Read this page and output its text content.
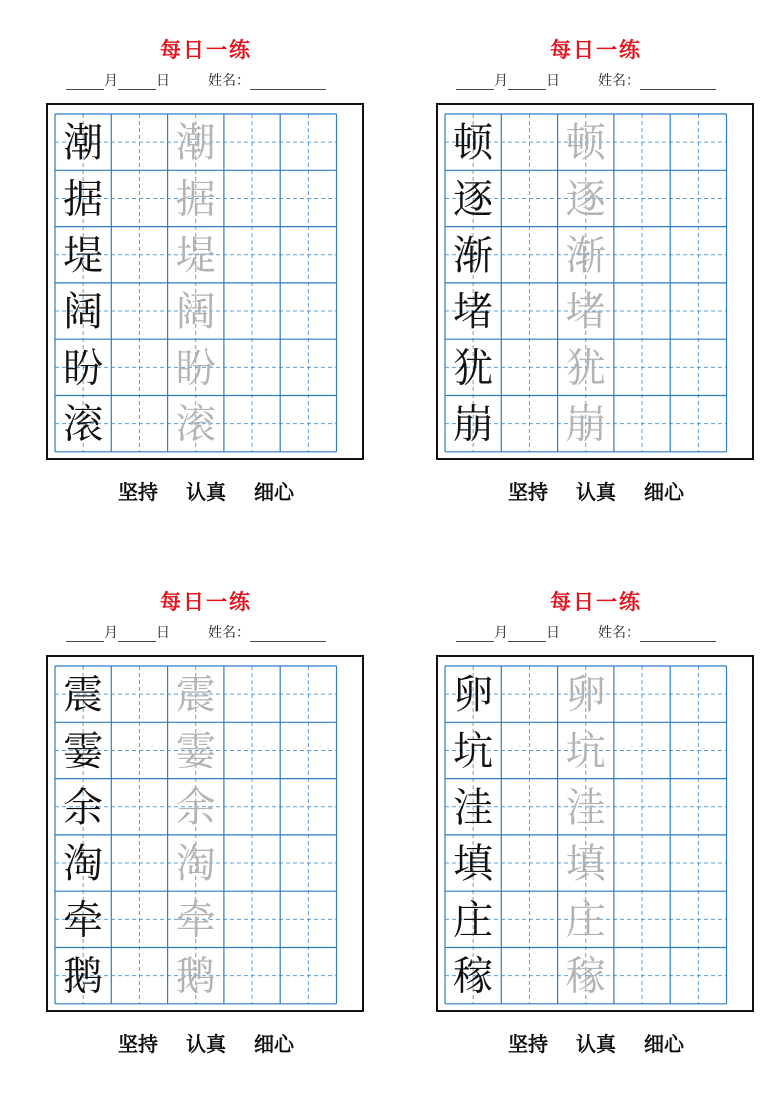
每日一练
月	日	姓名：
潮 潮
据 据
堤 堤
阔 阔
盼 盼
滚 滚
坚持 认真 细心
每日一练
月	日	姓名：
顿 顿
逐 逐
渐 渐
堵 堵
犹 犹
崩 崩
坚持 认真 细心
每日一练
月	日	姓名：
震 震
霎 霎
余 余
淘 淘
牵 牵
鹅 鹅
坚持 认真 细心
每日一练
月	日	姓名：
卵 卵
坑 坑
洼 洼
填 填
庄 庄
稼 稼
坚持 认真 细心
